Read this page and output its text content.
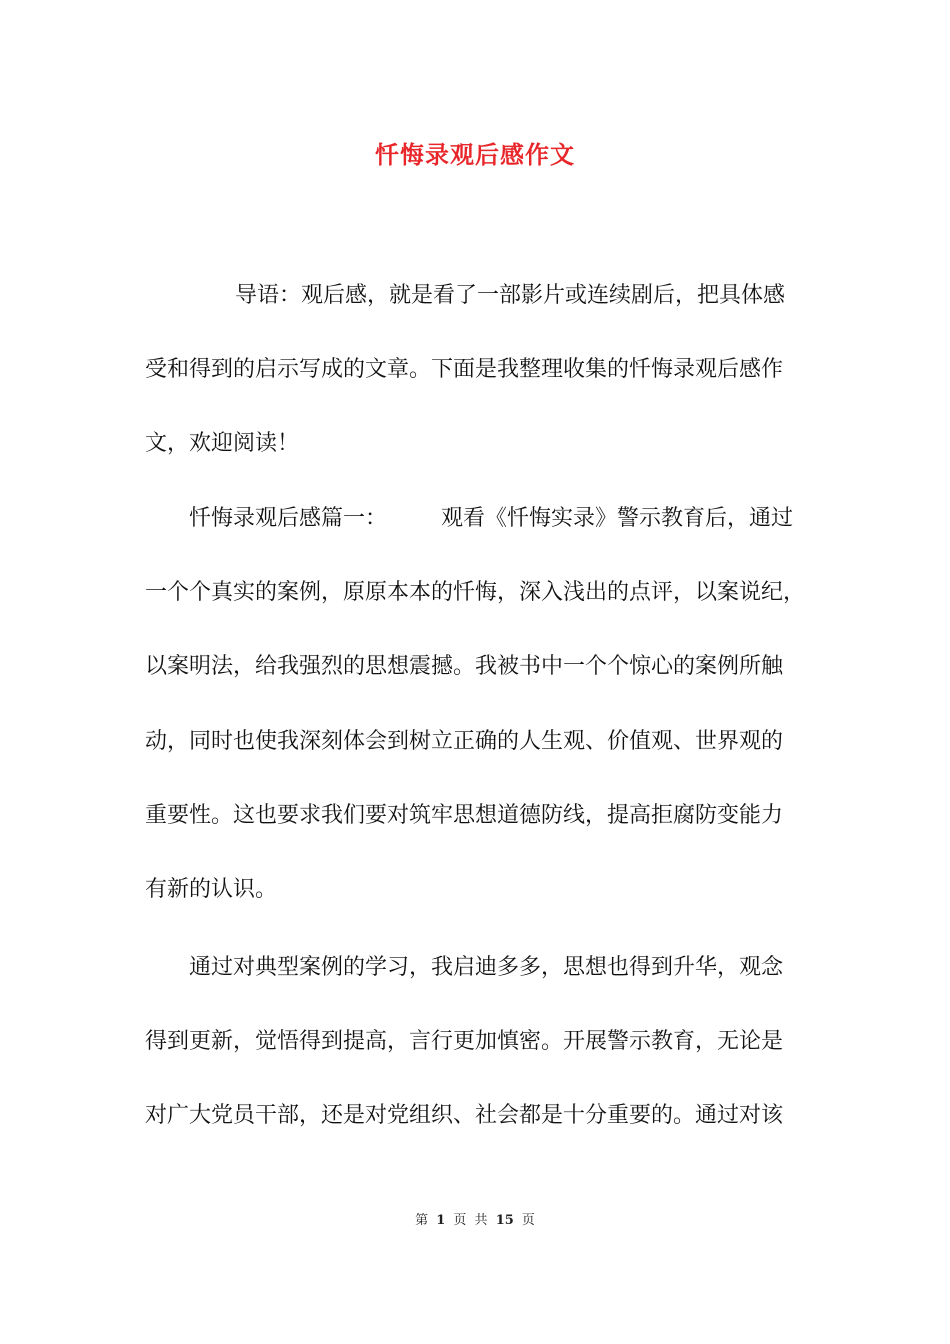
忏悔录观后感作文

导语：观后感，就是看了一部影片或连续剧后，把具体感

受和得到的启示写成的文章。下面是我整理收集的忏悔录观后感作

文，欢迎阅读！

忏悔录观后感篇一： 观看《忏悔实录》警示教育后，通过

一个个真实的案例，原原本本的忏悔，深入浅出的点评，以案说纪，

以案明法，给我强烈的思想震撼。我被书中一个个惊心的案例所触

动，同时也使我深刻体会到树立正确的人生观、价值观、世界观的

重要性。这也要求我们要对筑牢思想道德防线，提高拒腐防变能力

有新的认识。

通过对典型案例的学习，我启迪多多，思想也得到升华，观念

得到更新，觉悟得到提高，言行更加慎密。开展警示教育，无论是

对广大党员干部，还是对党组织、社会都是十分重要的。通过对该

第 1 页 共 15 页
